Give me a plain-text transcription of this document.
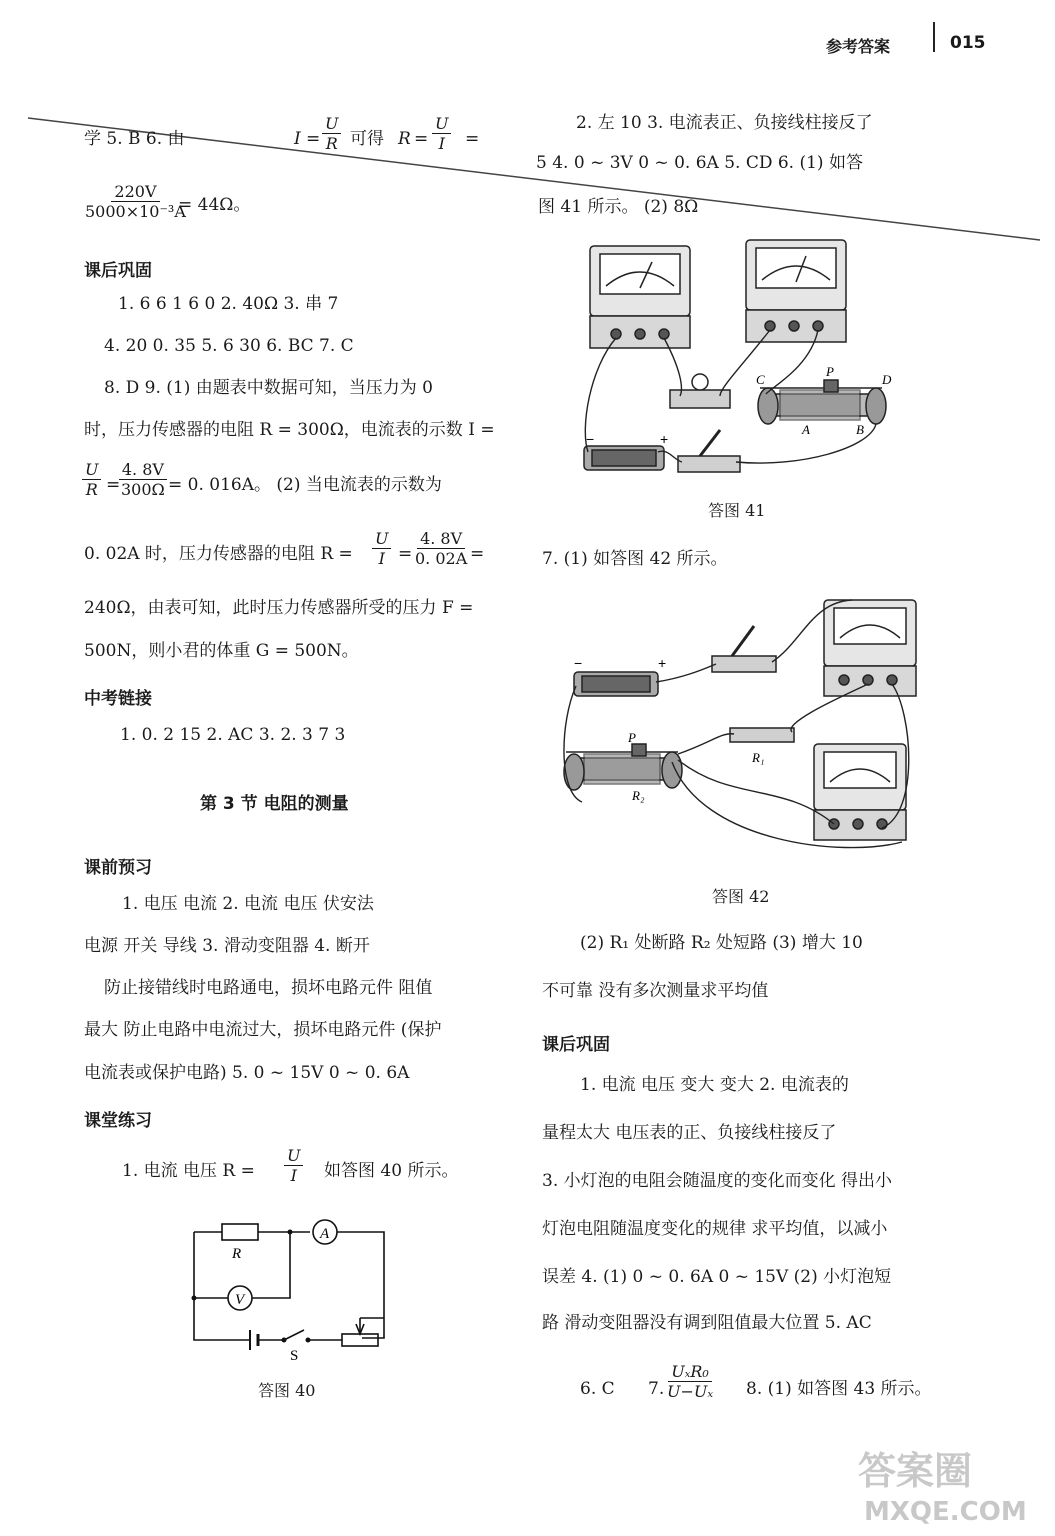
参考答案	015
学 5. B 6. 由	$I = \frac{U}{R}$ 可得 $R = \frac{U}{I}$ =
$\frac{220V}{\text{5000×10⁻³A}}$
= 44Ω。
课后巩固
1. 6 6 1 6 0 2. 40Ω 3. 串 7
4. 20 0. 35 5. 6 30 6. BC 7. C
8. D 9. (1) 由题表中数据可知，当压力为 0
时，压力传感器的电阻 R = 300Ω，电流表的示数 I =
$\frac{U}{R}$ =
$\frac{4. 8V}{300\Omega} = 0$. 016A。 (2) 当电流表的示数为
0. 02A 时，压力传感器的电阻 $R = \frac{U}{I} = \frac{4. 8V}{0. 02A}$ =
240Ω，由表可知，此时压力传感器所受的压力 F =
500N，则小君的体重 G = 500N。
中考链接
1. 0. 2 15 2. AC 3. 2. 3 7 3
第 3 节 电阻的测量
课前预习
1. 电压 电流 2. 电流 电压 伏安法
电源 开关 导线 3. 滑动变阻器 4. 断开
防止接错线时电路通电，损坏电路元件 阻值
最大 防止电路中电流过大，损坏电路元件 (保护
电流表或保护电路) 5. 0 ~ 15V 0 ~ 0. 6A
课堂练习
1. 电流 电压 $R = \frac{U}{I}$ 如答图 40 所示。
A
V
R
S
答图 40
2. 左 10 3. 电流表正、负接线柱接反了
5 4. 0 ~ 3V 0 ~ 0. 6A 5. CD 6. (1) 如答
图 41 所示。 (2) 8Ω
C
P
D
A	B
−	+
答图 41
7. (1) 如答图 42 所示。
−	+
P
R₁
R₂
答图 42
(2) R₁ 处断路 R₂ 处短路 (3) 增大 10
不可靠 没有多次测量求平均值
课后巩固
1. 电流 电压 变大 变大 2. 电流表的
量程太大 电压表的正、负接线柱接反了
3. 小灯泡的电阻会随温度的变化而变化 得出小
灯泡电阻随温度变化的规律 求平均值，以减小
误差 4. (1) 0 ~ 0. 6A 0 ~ 15V (2) 小灯泡短
路 滑动变阻器没有调到阻值最大位置 5. AC
6. C 7.
UₓR₀
U−Uₓ 8. (1) 如答图 43 所示。
答案圈
MXQE.COM
